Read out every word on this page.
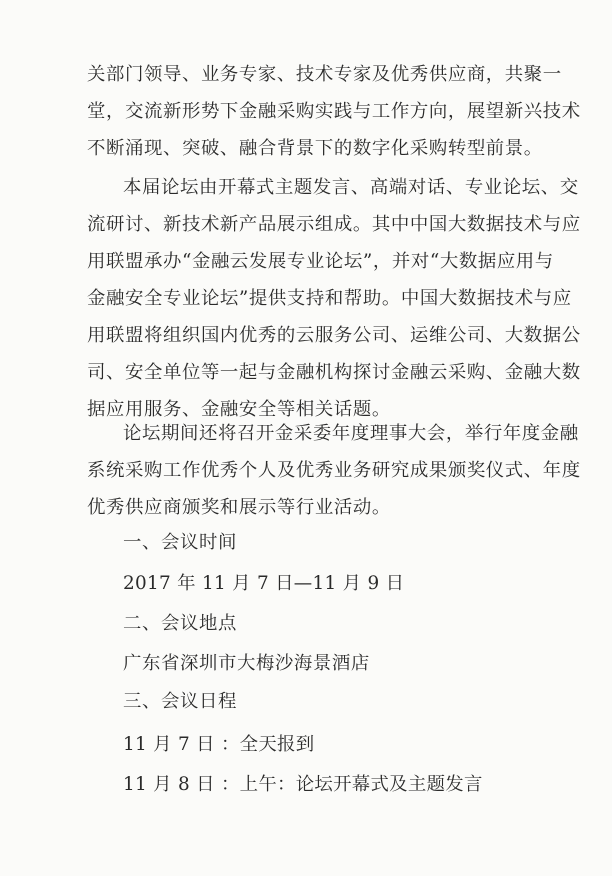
关部门领导、业务专家、技术专家及优秀供应商，共聚一
堂，交流新形势下金融采购实践与工作方向，展望新兴技术
不断涌现、突破、融合背景下的数字化采购转型前景。
本届论坛由开幕式主题发言、高端对话、专业论坛、交
流研讨、新技术新产品展示组成。其中中国大数据技术与应
用联盟承办“金融云发展专业论坛”，并对“大数据应用与
金融安全专业论坛”提供支持和帮助。中国大数据技术与应
用联盟将组织国内优秀的云服务公司、运维公司、大数据公
司、安全单位等一起与金融机构探讨金融云采购、金融大数
据应用服务、金融安全等相关话题。
论坛期间还将召开金采委年度理事大会，举行年度金融
系统采购工作优秀个人及优秀业务研究成果颁奖仪式、年度
优秀供应商颁奖和展示等行业活动。
一、会议时间
2017 年 11 月 7 日—11 月 9 日
二、会议地点
广东省深圳市大梅沙海景酒店
三、会议日程
11 月 7 日 ：全天报到
11 月 8 日 ：上午：论坛开幕式及主题发言
